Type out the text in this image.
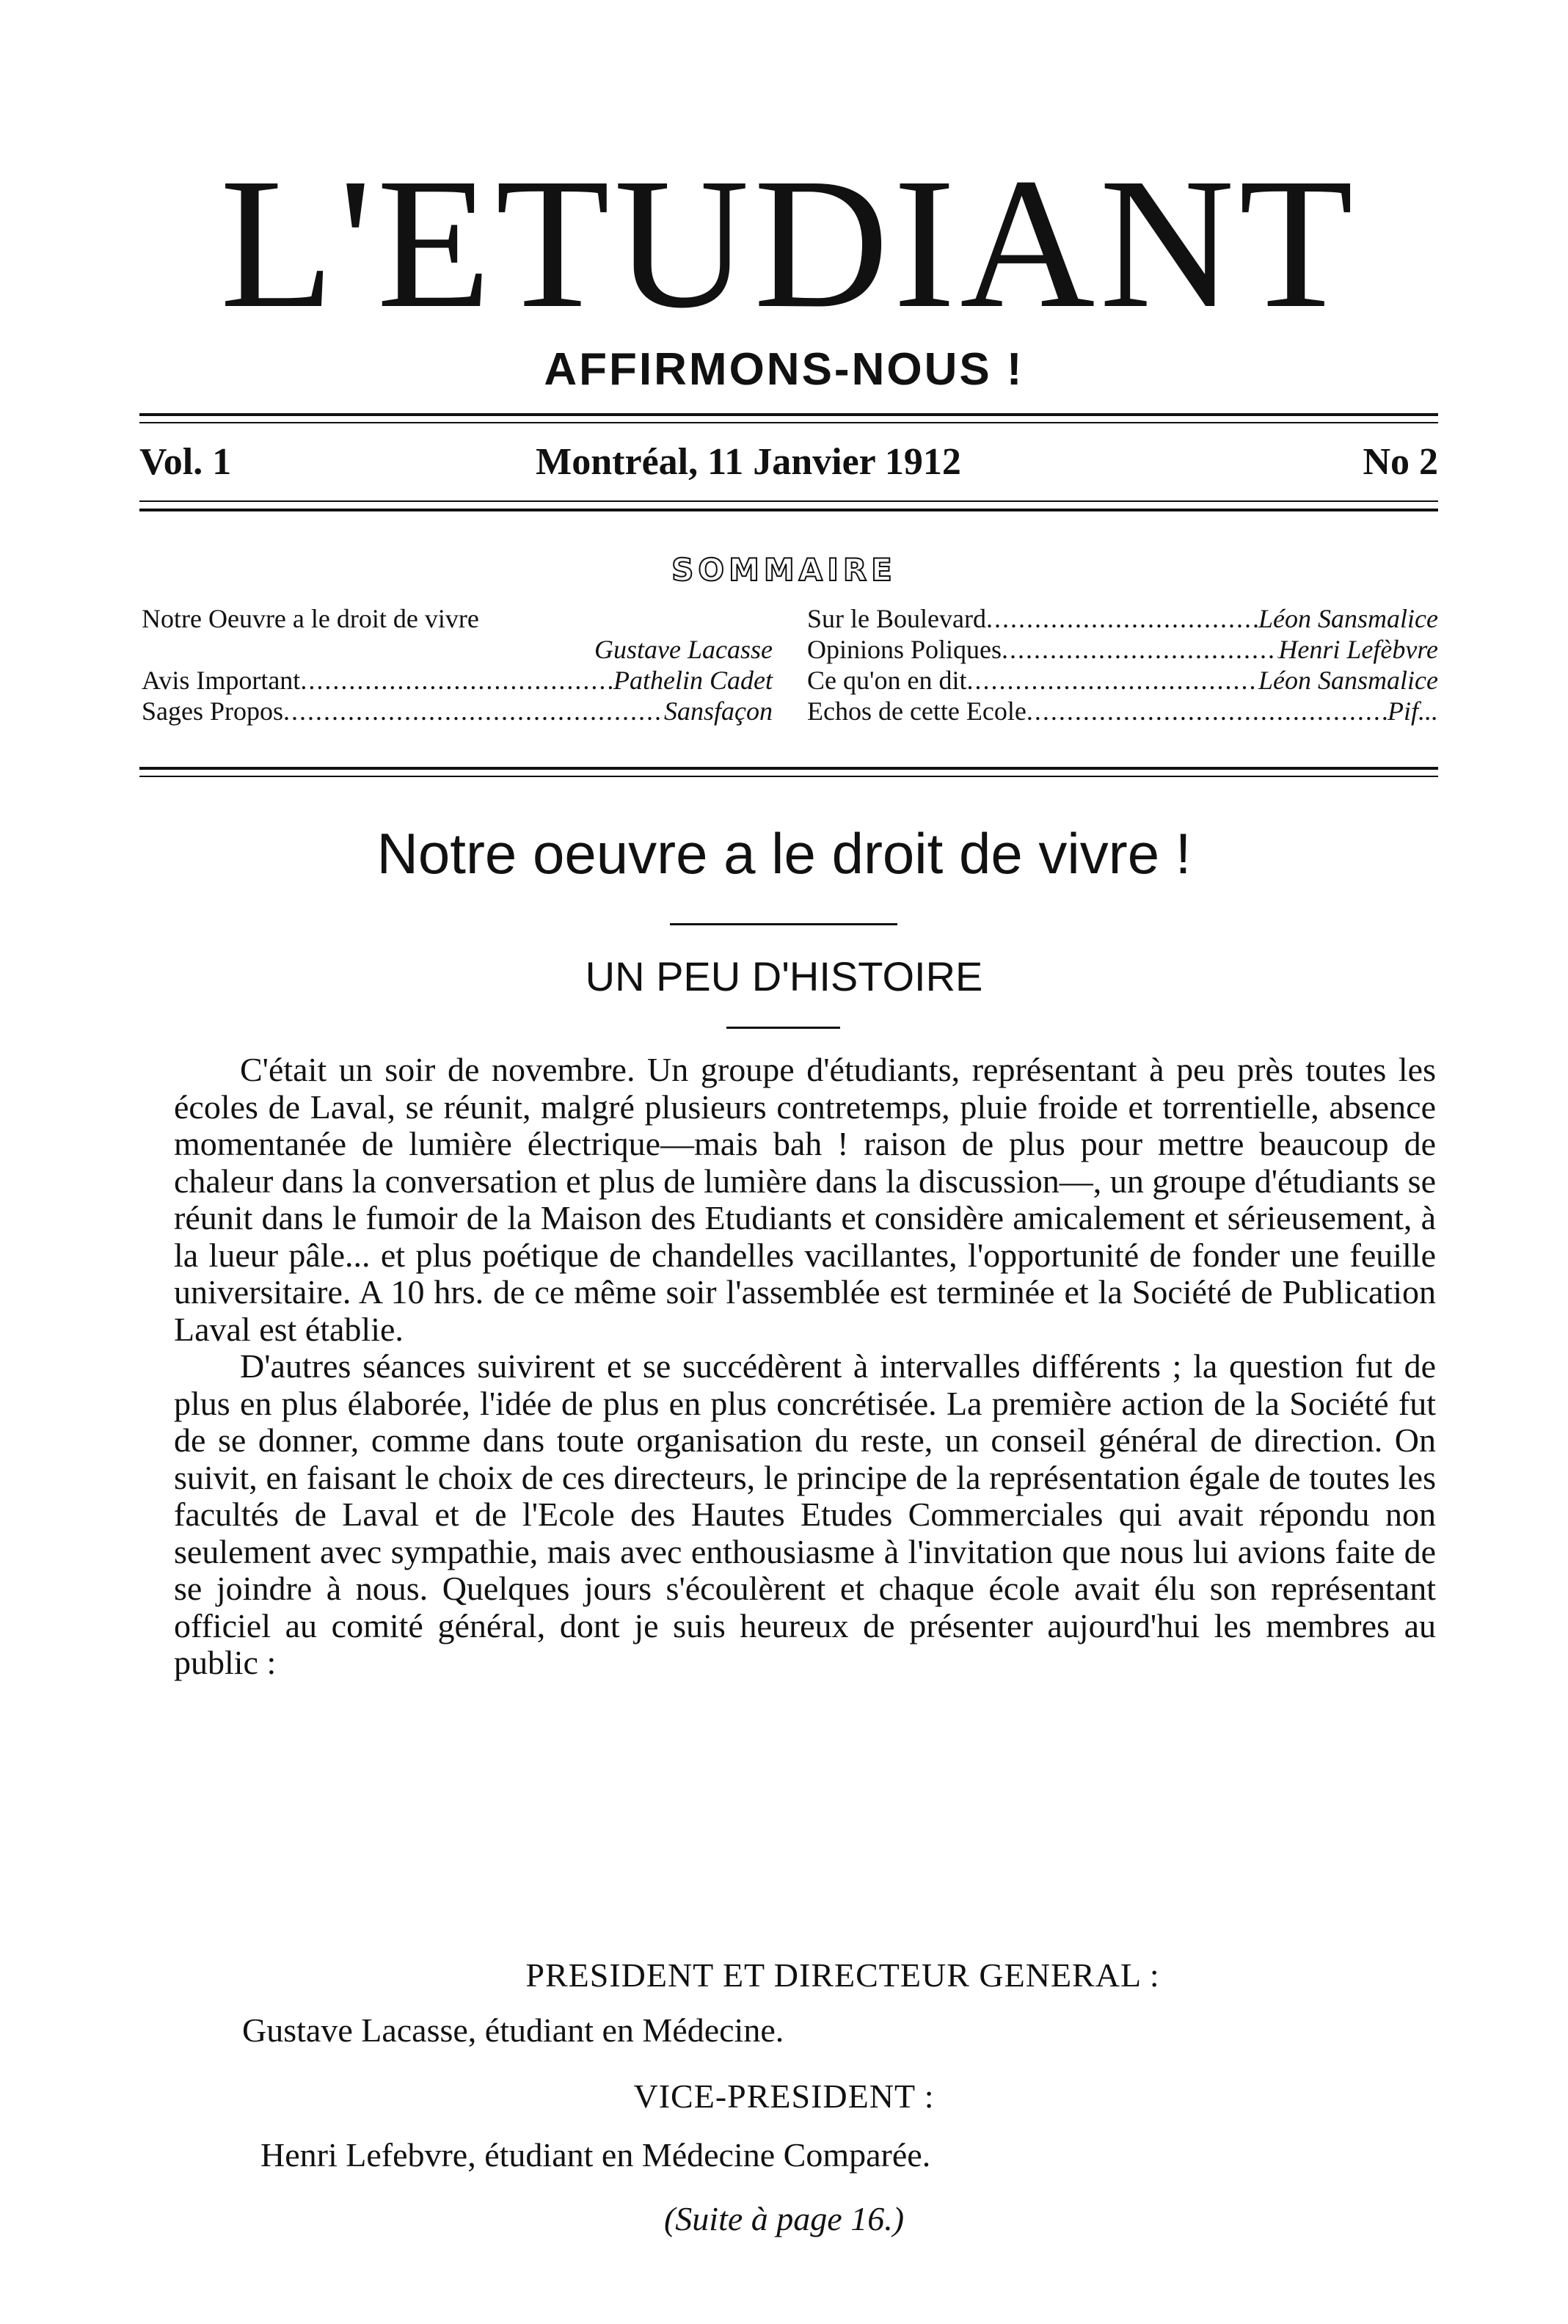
L'ETUDIANT
AFFIRMONS-NOUS !
Vol. 1	Montréal, 11 Janvier 1912	No 2
SOMMAIRE
Notre Oeuvre a le droit de vivre
Gustave Lacasse
Avis Important .....	Pathelin Cadet
Sages Propos .....	Sansfaçon
Sur le Boulevard .....	Léon Sansmalice
Opinions Poliques .....	Henri Lefèbvre
Ce qu'on en dit .....	Léon Sansmalice
Echos de cette Ecole .....	Pif...
Notre oeuvre a le droit de vivre !
UN PEU D'HISTOIRE

C'était un soir de novembre. Un groupe d'étudiants, représentant à peu près toutes les écoles de Laval, se réunit, malgré plusieurs contretemps, pluie froide et torrentielle, absence momentanée de lumière électrique—mais bah ! raison de plus pour mettre beaucoup de chaleur dans la conversation et plus de lumière dans la discussion—, un groupe d'étudiants se réunit dans le fumoir de la Maison des Etudiants et considère amicalement et sérieusement, à la lueur pâle... et plus poétique de chandelles vacillantes, l'opportunité de fonder une feuille universitaire. A 10 hrs. de ce même soir l'assemblée est terminée et la Société de Publication Laval est établie.

D'autres séances suivirent et se succédèrent à intervalles différents ; la question fut de plus en plus élaborée, l'idée de plus en plus concrétisée. La première action de la Société fut de se donner, comme dans toute organisation du reste, un conseil général de direction. On suivit, en faisant le choix de ces directeurs, le principe de la représentation égale de toutes les facultés de Laval et de l'Ecole des Hautes Etudes Commerciales qui avait répondu non seulement avec sympathie, mais avec enthousiasme à l'invitation que nous lui avions faite de se joindre à nous. Quelques jours s'écoulèrent et chaque école avait élu son représentant officiel au comité général, dont je suis heureux de présenter aujourd'hui les membres au public :

PRESIDENT ET DIRECTEUR GENERAL :
Gustave Lacasse, étudiant en Médecine.
VICE-PRESIDENT :
Henri Lefebvre, étudiant en Médecine Comparée.
(Suite à page 16.)
